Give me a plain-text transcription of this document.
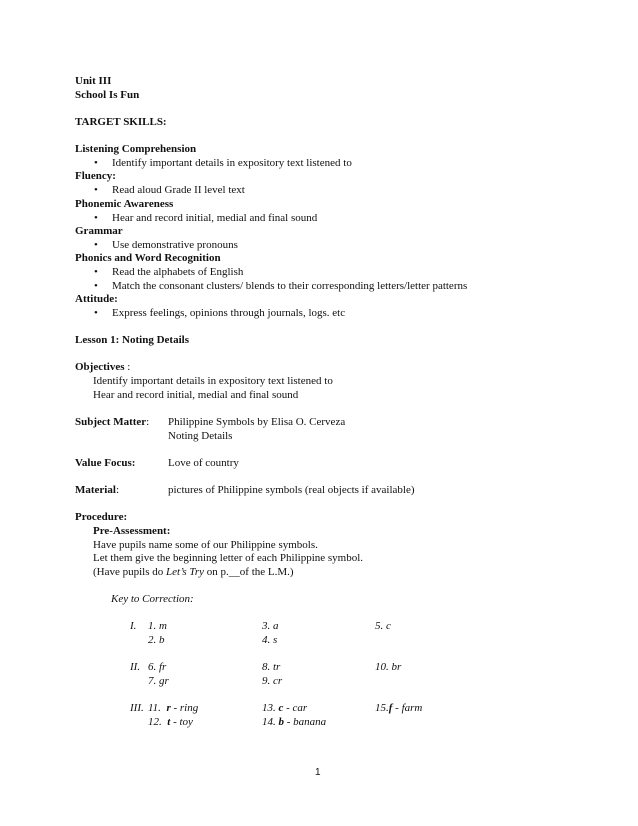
Unit III
School Is Fun
TARGET SKILLS:
Listening Comprehension
• Identify important details in expository text listened to
Fluency:
• Read aloud Grade II level text
Phonemic Awareness
• Hear and record initial, medial and final sound
Grammar
• Use demonstrative pronouns
Phonics and Word Recognition
• Read the alphabets of English
• Match the consonant clusters/ blends to their corresponding letters/letter patterns
Attitude:
• Express feelings, opinions through journals, logs. etc
Lesson 1: Noting Details
Objectives :
Identify important details in expository text listened to
Hear and record initial, medial and final sound
Subject Matter: Philippine Symbols by Elisa O. Cerveza
Noting Details
Value Focus:	Love of country
Material:	pictures of Philippine symbols (real objects if available)
Procedure:
Pre-Assessment:
Have pupils name some of our Philippine symbols.
Let them give the beginning letter of each Philippine symbol.
(Have pupils do Let’s Try on p.__of the L.M.)
Key to Correction:
I. 1. m	3. a	5. c
2. b	4. s
II. 6. fr	8. tr	10. br
7. gr	9. cr
III. 11. r - ring	13. c - car	15.f - farm
12. t - toy	14. b - banana
1
